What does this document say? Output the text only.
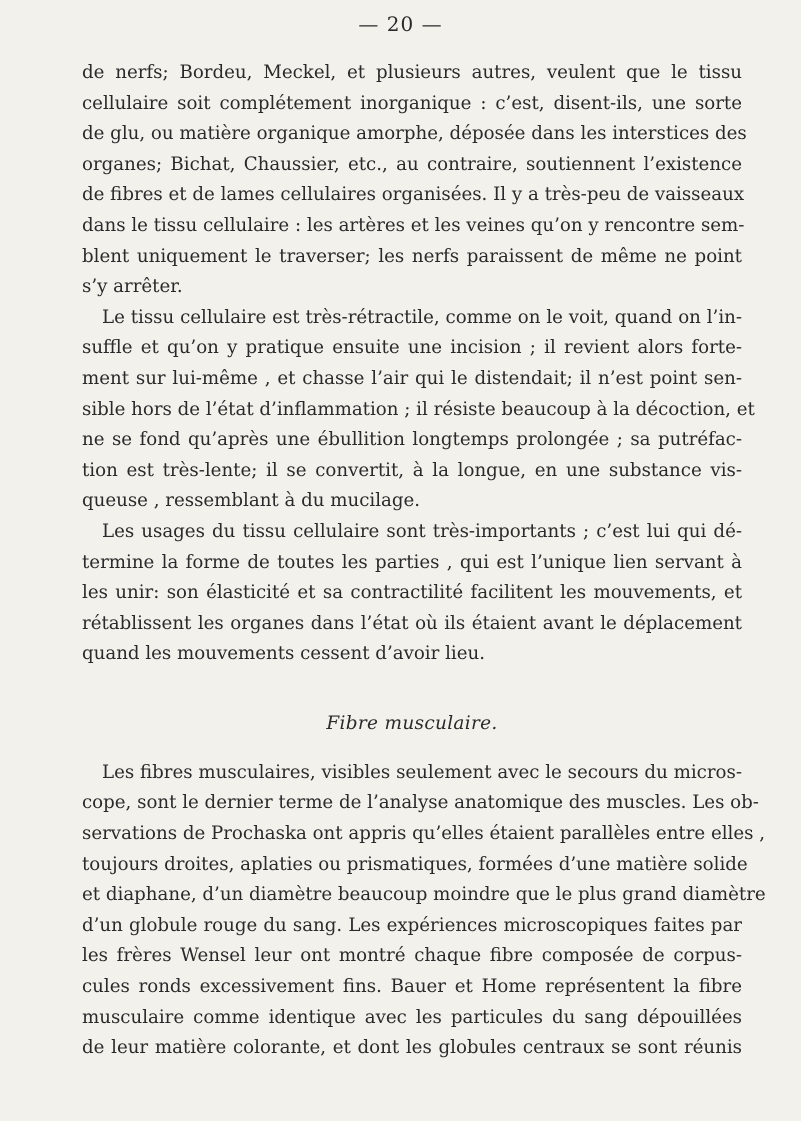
— 20 —
de nerfs; Bordeu, Meckel, et plusieurs autres, veulent que le tissu
cellulaire soit complétement inorganique : c’est, disent-ils, une sorte
de glu, ou matière organique amorphe, déposée dans les interstices des
organes; Bichat, Chaussier, etc., au contraire, soutiennent l’existence
de fibres et de lames cellulaires organisées. Il y a très-peu de vaisseaux
dans le tissu cellulaire : les artères et les veines qu’on y rencontre sem-
blent uniquement le traverser; les nerfs paraissent de même ne point
s’y arrêter.
Le tissu cellulaire est très-rétractile, comme on le voit, quand on l’in-
suffle et qu’on y pratique ensuite une incision ; il revient alors forte-
ment sur lui-même , et chasse l’air qui le distendait; il n’est point sen-
sible hors de l’état d’inflammation ; il résiste beaucoup à la décoction, et
ne se fond qu’après une ébullition longtemps prolongée ; sa putréfac-
tion est très-lente; il se convertit, à la longue, en une substance vis-
queuse , ressemblant à du mucilage.
Les usages du tissu cellulaire sont très-importants ; c’est lui qui dé-
termine la forme de toutes les parties , qui est l’unique lien servant à
les unir: son élasticité et sa contractilité facilitent les mouvements, et
rétablissent les organes dans l’état où ils étaient avant le déplacement
quand les mouvements cessent d’avoir lieu.
Fibre musculaire.
Les fibres musculaires, visibles seulement avec le secours du micros-
cope, sont le dernier terme de l’analyse anatomique des muscles. Les ob-
servations de Prochaska ont appris qu’elles étaient parallèles entre elles ,
toujours droites, aplaties ou prismatiques, formées d’une matière solide
et diaphane, d’un diamètre beaucoup moindre que le plus grand diamètre
d’un globule rouge du sang. Les expériences microscopiques faites par
les frères Wensel leur ont montré chaque fibre composée de corpus-
cules ronds excessivement fins. Bauer et Home représentent la fibre
musculaire comme identique avec les particules du sang dépouillées
de leur matière colorante, et dont les globules centraux se sont réunis
